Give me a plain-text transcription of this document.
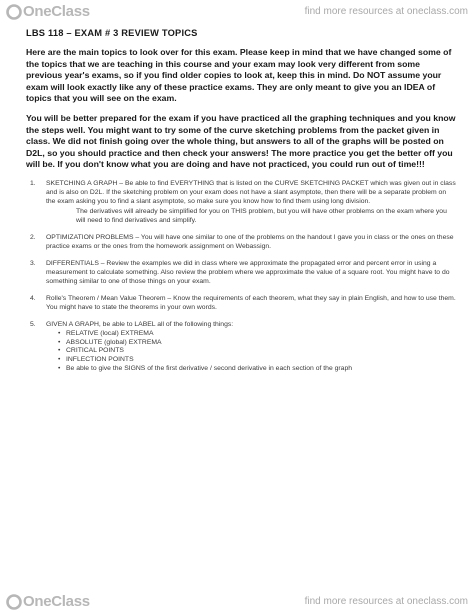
OneClass	find more resources at oneclass.com
LBS 118 – EXAM # 3 REVIEW TOPICS

Here are the main topics to look over for this exam. Please keep in mind that we have changed some of the topics that we are teaching in this course and your exam may look very different from some previous year's exams, so if you find older copies to look at, keep this in mind. Do NOT assume your exam will look exactly like any of these practice exams. They are only meant to give you an IDEA of topics that you will see on the exam.

You will be better prepared for the exam if you have practiced all the graphing techniques and you know the steps well. You might want to try some of the curve sketching problems from the packet given in class. We did not finish going over the whole thing, but answers to all of the graphs will be posted on D2L, so you should practice and then check your answers! The more practice you get the better off you will be. If you don't know what you are doing and have not practiced, you could run out of time!!!

1. SKETCHING A GRAPH – Be able to find EVERYTHING that is listed on the CURVE SKETCHING PACKET which was given out in class and is also on D2L. If the sketching problem on your exam does not have a slant asymptote, then there will be a separate problem on the exam asking you to find a slant asymptote, so make sure you know how to find them using long division.
The derivatives will already be simplified for you on THIS problem, but you will have other problems on the exam where you will need to find derivatives and simplify.
2. OPTIMIZATION PROBLEMS – You will have one similar to one of the problems on the handout I gave you in class or the ones on these practice exams or the ones from the homework assignment on Webassign.
3. DIFFERENTIALS – Review the examples we did in class where we approximate the propagated error and percent error in using a measurement to calculate something. Also review the problem where we approximate the value of a square root. You might have to do something similar to one of those things on your exam.
4. Rolle's Theorem / Mean Value Theorem – Know the requirements of each theorem, what they say in plain English, and how to use them. You might have to state the theorems in your own words.
5. GIVEN A GRAPH, be able to LABEL all of the following things:
• RELATIVE (local) EXTREMA
• ABSOLUTE (global) EXTREMA
• CRITICAL POINTS
• INFLECTION POINTS
• Be able to give the SIGNS of the first derivative / second derivative in each section of the graph
OneClass	find more resources at oneclass.com
